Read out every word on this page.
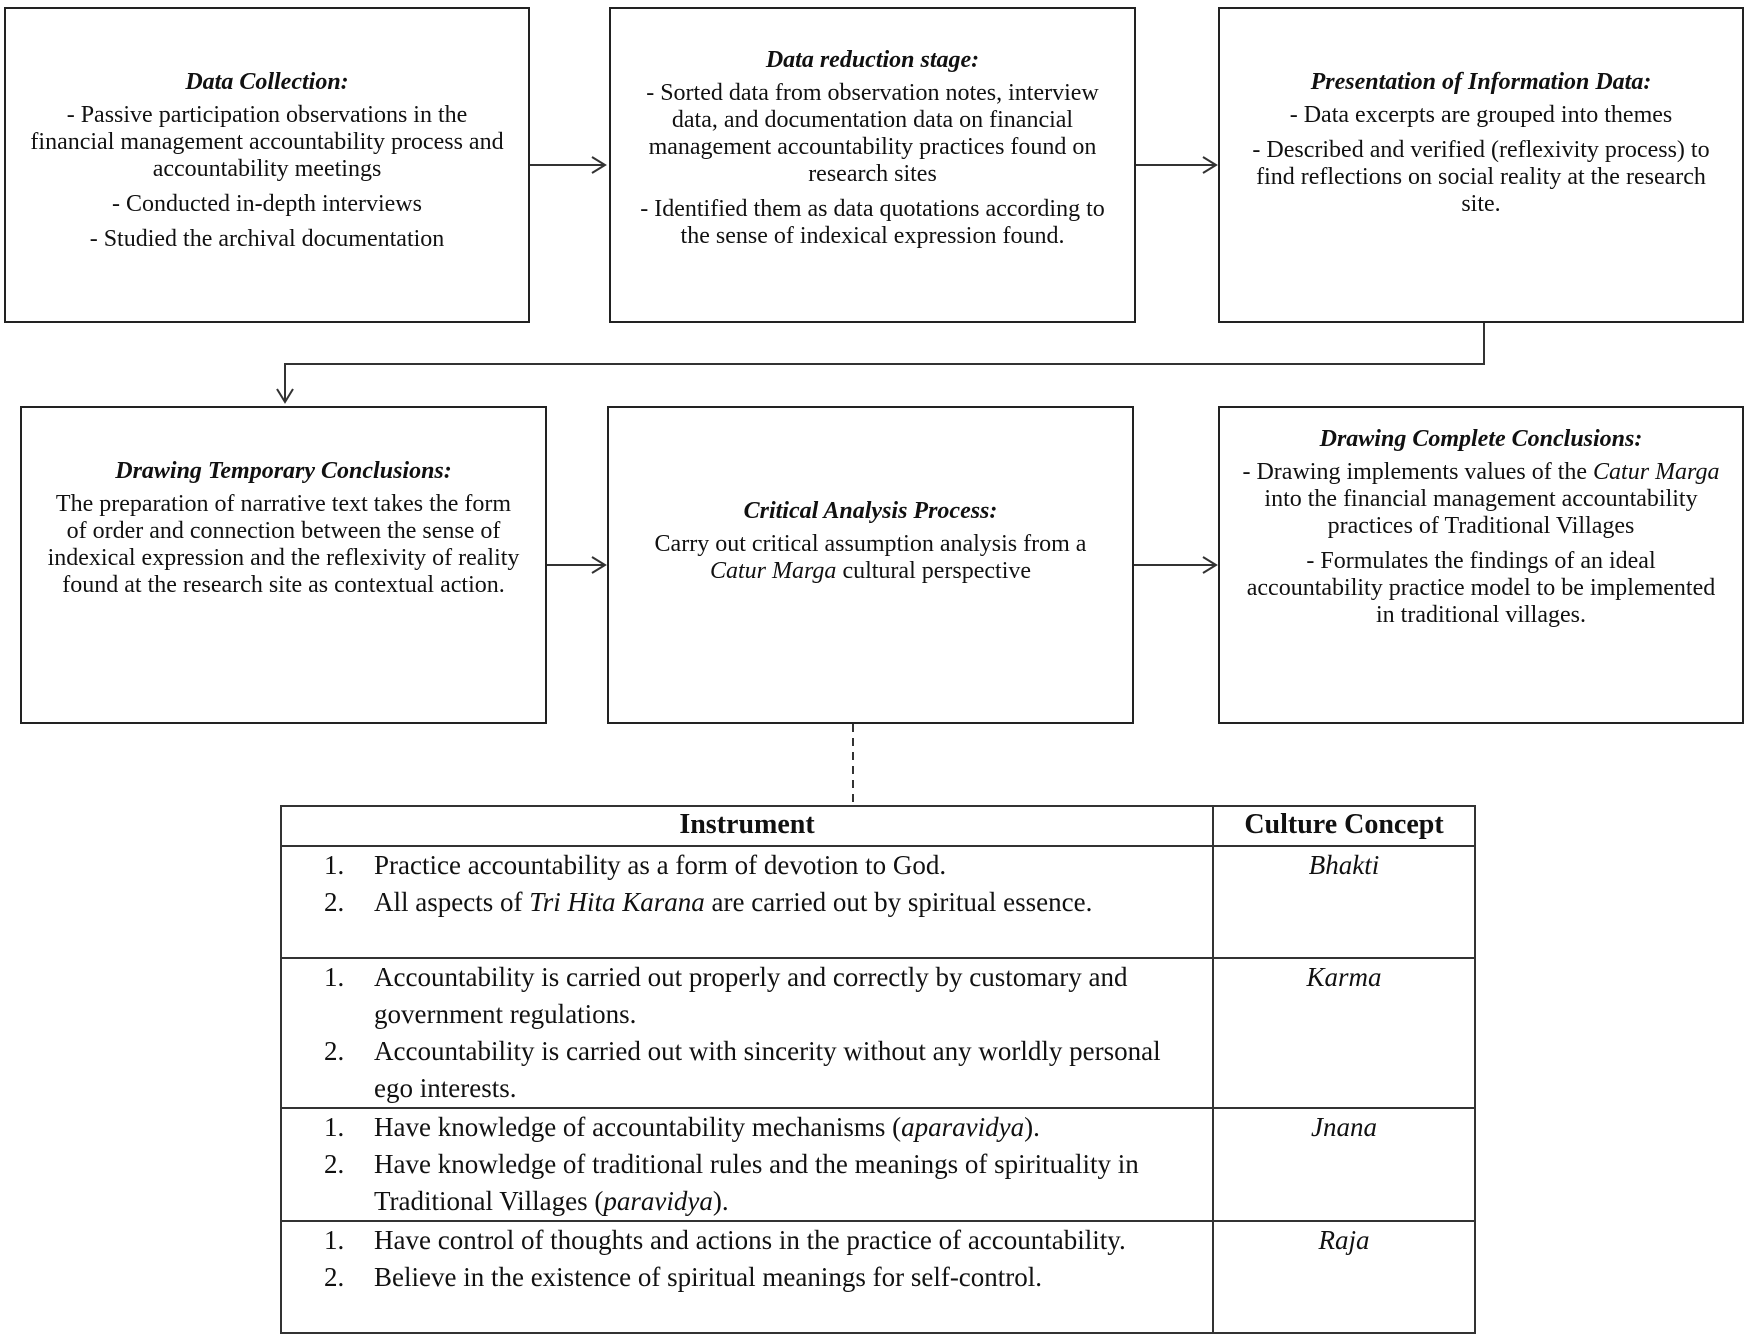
Data Collection:
- Passive participation observations in the financial management accountability process and accountability meetings
- Conducted in-depth interviews
- Studied the archival documentation
Data reduction stage:
- Sorted data from observation notes, interview data, and documentation data on financial management accountability practices found on research sites
- Identified them as data quotations according to the sense of indexical expression found.
Presentation of Information Data:
- Data excerpts are grouped into themes
- Described and verified (reflexivity process) to find reflections on social reality at the research site.
Drawing Temporary Conclusions:
The preparation of narrative text takes the form of order and connection between the sense of indexical expression and the reflexivity of reality found at the research site as contextual action.
Critical Analysis Process:
Carry out critical assumption analysis from a Catur Marga cultural perspective
Drawing Complete Conclusions:
- Drawing implements values of the Catur Marga into the financial management accountability practices of Traditional Villages
- Formulates the findings of an ideal accountability practice model to be implemented in traditional villages.
Instrument	Culture Concept

1. Practice accountability as a form of devotion to God.
2. All aspects of Tri Hita Karana are carried out by spiritual essence.
	Bhakti

1. Accountability is carried out properly and correctly by customary and government regulations.
2. Accountability is carried out with sincerity without any worldly personal ego interests.
	Karma

1. Have knowledge of accountability mechanisms (aparavidya).
2. Have knowledge of traditional rules and the meanings of spirituality in Traditional Villages (paravidya).
	Jnana

1. Have control of thoughts and actions in the practice of accountability.
2. Believe in the existence of spiritual meanings for self-control.
	Raja
